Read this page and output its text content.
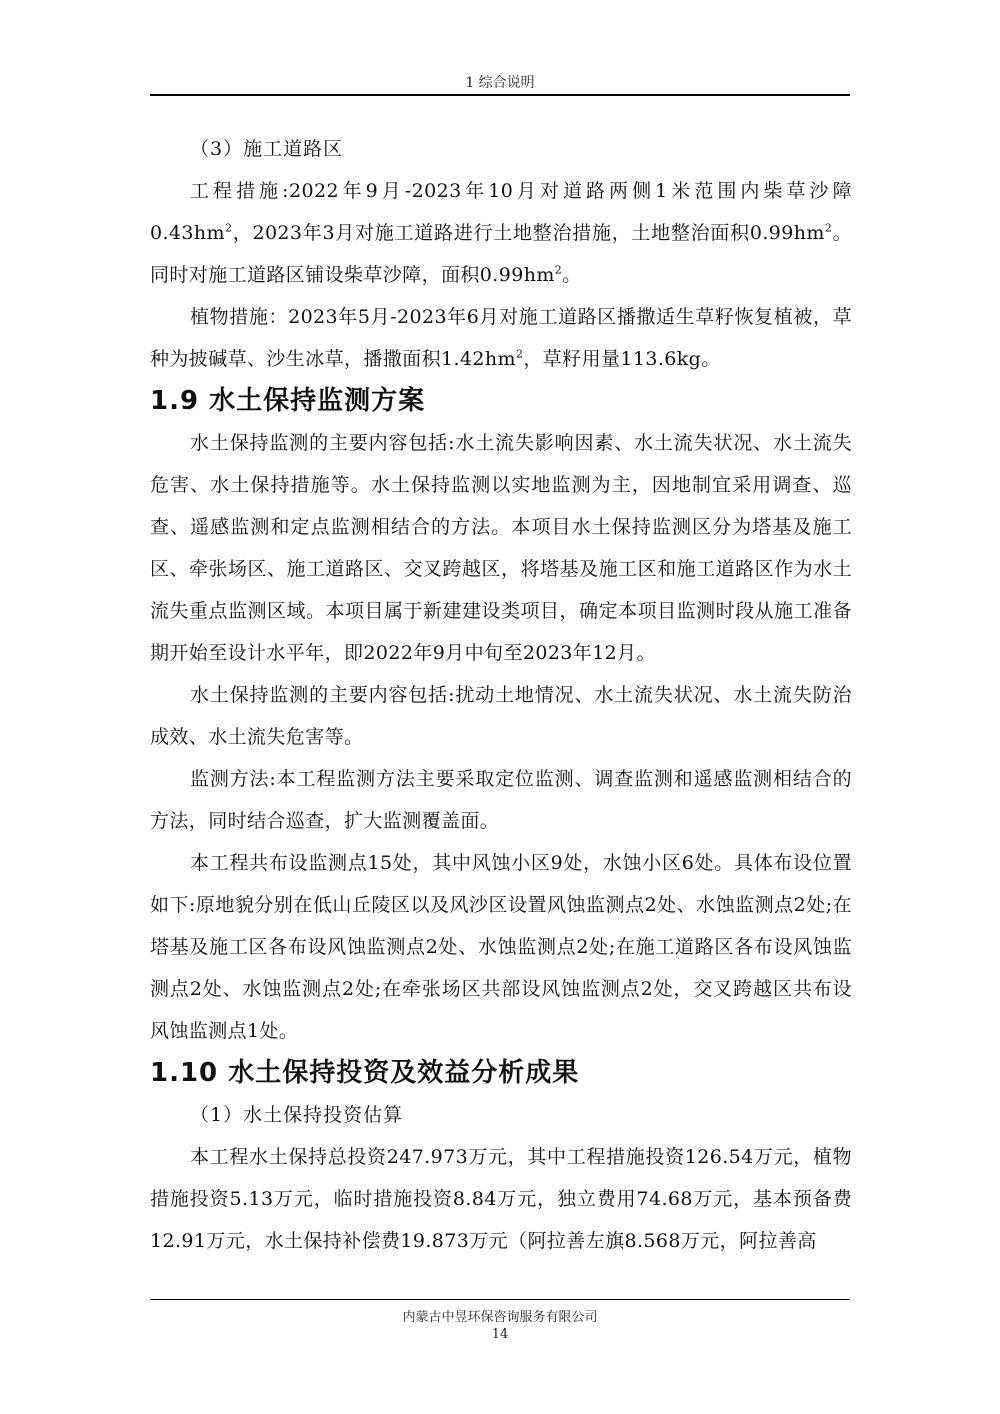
1 综合说明

（3）施工道路区

工程措施:2022年9月-2023年10月对道路两侧1米范围内柴草沙障$0.43hm^2$，2023年3月对施工道路进行土地整治措施，土地整治面积$0.99hm^2$。同时对施工道路区铺设柴草沙障，面积$0.99hm^2$。

植物措施：2023年5月-2023年6月对施工道路区播撒适生草籽恢复植被，草种为披碱草、沙生冰草，播撒面积$1.42hm^2$，草籽用量113.6kg。

1.9 水土保持监测方案

水土保持监测的主要内容包括:水土流失影响因素、水土流失状况、水土流失危害、水土保持措施等。水土保持监测以实地监测为主，因地制宜采用调查、巡查、遥感监测和定点监测相结合的方法。本项目水土保持监测区分为塔基及施工区、牵张场区、施工道路区、交叉跨越区，将塔基及施工区和施工道路区作为水土流失重点监测区域。本项目属于新建建设类项目，确定本项目监测时段从施工准备期开始至设计水平年，即2022年9月中旬至2023年12月。

水土保持监测的主要内容包括:扰动土地情况、水土流失状况、水土流失防治成效、水土流失危害等。

监测方法:本工程监测方法主要采取定位监测、调查监测和遥感监测相结合的方法，同时结合巡查，扩大监测覆盖面。

本工程共布设监测点15处，其中风蚀小区9处，水蚀小区6处。具体布设位置如下:原地貌分别在低山丘陵区以及风沙区设置风蚀监测点2处、水蚀监测点2处;在塔基及施工区各布设风蚀监测点2处、水蚀监测点2处;在施工道路区各布设风蚀监测点2处、水蚀监测点2处;在牵张场区共部设风蚀监测点2处，交叉跨越区共布设风蚀监测点1处。

1.10 水土保持投资及效益分析成果

（1）水土保持投资估算

本工程水土保持总投资247.973万元，其中工程措施投资126.54万元，植物措施投资5.13万元，临时措施投资8.84万元，独立费用74.68万元，基本预备费12.91万元，水土保持补偿费19.873万元（阿拉善左旗8.568万元，阿拉善高

内蒙古中昱环保咨询服务有限公司
14
